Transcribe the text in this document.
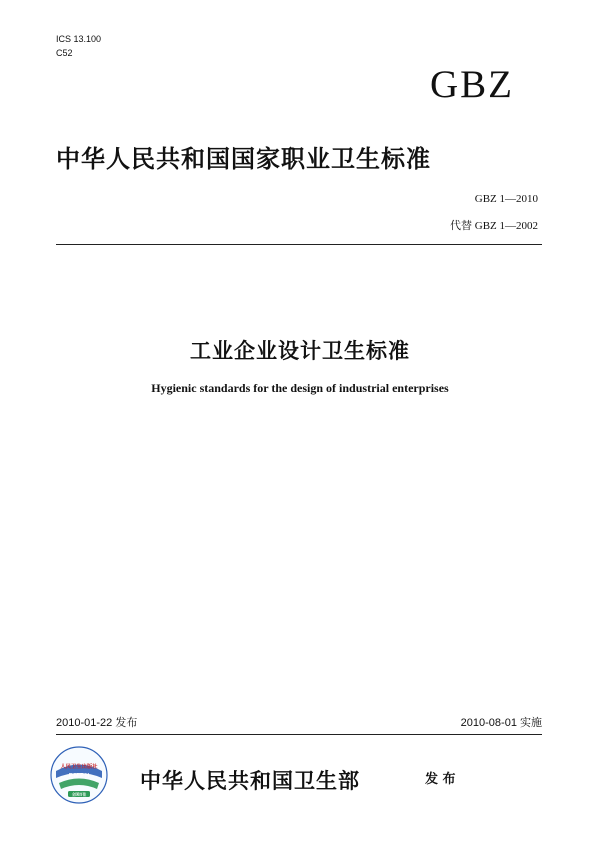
ICS 13.100
C52
GBZ
中华人民共和国国家职业卫生标准
GBZ 1—2010
代替 GBZ 1—2002
工业企业设计卫生标准
Hygienic standards for the design of industrial enterprises
2010-01-22 发布	2010-08-01 实施
人民卫生出版社
P M P H
全国百佳
中华人民共和国卫生部	发 布
